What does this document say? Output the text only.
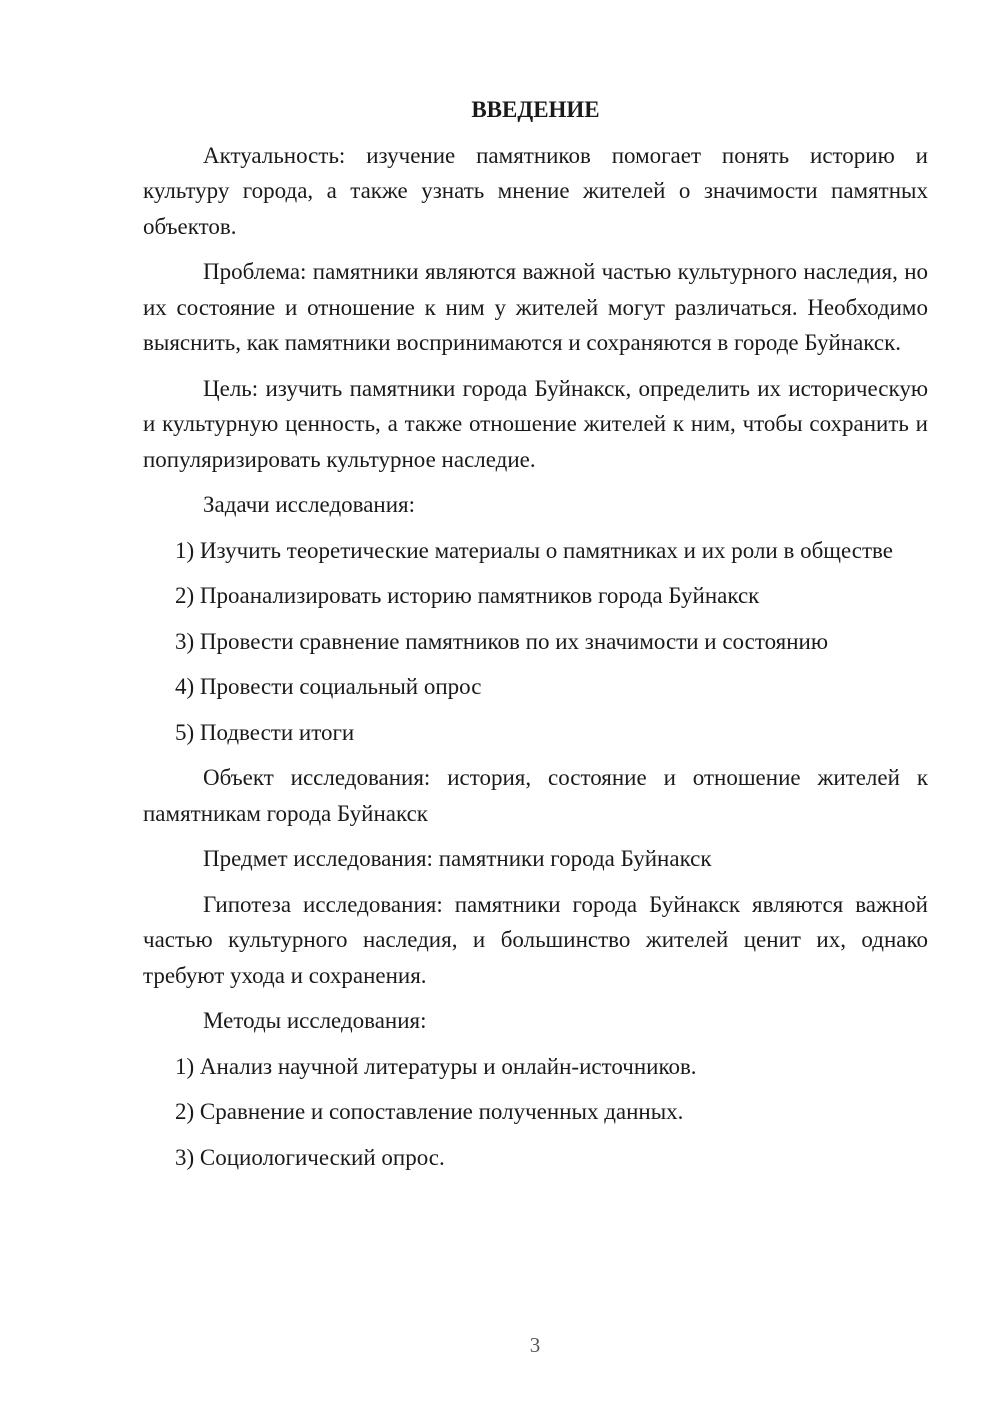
ВВЕДЕНИЕ

Актуальность: изучение памятников помогает понять историю и культуру города, а также узнать мнение жителей о значимости памятных объектов.

Проблема: памятники являются важной частью культурного наследия, но их состояние и отношение к ним у жителей могут различаться. Необходимо выяснить, как памятники воспринимаются и сохраняются в городе Буйнакск.

Цель: изучить памятники города Буйнакск, определить их историческую и культурную ценность, а также отношение жителей к ним, чтобы сохранить и популяризировать культурное наследие.

Задачи исследования:

1) Изучить теоретические материалы о памятниках и их роли в обществе
2) Проанализировать историю памятников города Буйнакск
3) Провести сравнение памятников по их значимости и состоянию
4) Провести социальный опрос
5) Подвести итоги

Объект исследования: история, состояние и отношение жителей к памятникам города Буйнакск

Предмет исследования: памятники города Буйнакск

Гипотеза исследования: памятники города Буйнакск являются важной частью культурного наследия, и большинство жителей ценит их, однако требуют ухода и сохранения.

Методы исследования:

1) Анализ научной литературы и онлайн-источников.
2) Сравнение и сопоставление полученных данных.
3) Социологический опрос.
3
